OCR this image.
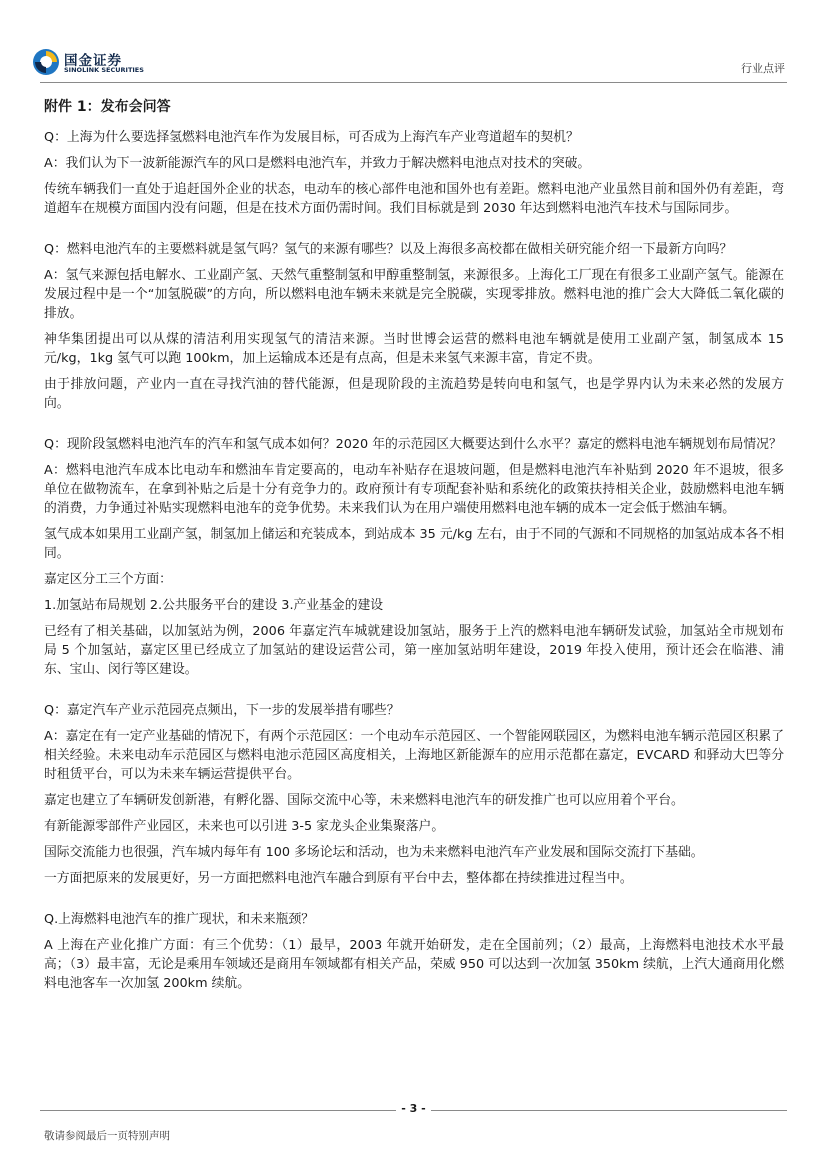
国金证券
SINOLINK SECURITIES	行业点评
附件 1：发布会问答

Q：上海为什么要选择氢燃料电池汽车作为发展目标，可否成为上海汽车产业弯道超车的契机？

A：我们认为下一波新能源汽车的风口是燃料电池汽车，并致力于解决燃料电池点对技术的突破。

传统车辆我们一直处于追赶国外企业的状态，电动车的核心部件电池和国外也有差距。燃料电池产业虽然目前和国外仍有差距，弯道超车在规模方面国内没有问题，但是在技术方面仍需时间。我们目标就是到 2030 年达到燃料电池汽车技术与国际同步。

Q：燃料电池汽车的主要燃料就是氢气吗？氢气的来源有哪些？以及上海很多高校都在做相关研究能介绍一下最新方向吗？

A：氢气来源包括电解水、工业副产氢、天然气重整制氢和甲醇重整制氢，来源很多。上海化工厂现在有很多工业副产氢气。能源在发展过程中是一个“加氢脱碳”的方向，所以燃料电池车辆未来就是完全脱碳，实现零排放。燃料电池的推广会大大降低二氧化碳的排放。

神华集团提出可以从煤的清洁利用实现氢气的清洁来源。当时世博会运营的燃料电池车辆就是使用工业副产氢，制氢成本 15 元/kg，1kg 氢气可以跑 100km，加上运输成本还是有点高，但是未来氢气来源丰富，肯定不贵。

由于排放问题，产业内一直在寻找汽油的替代能源，但是现阶段的主流趋势是转向电和氢气，也是学界内认为未来必然的发展方向。

Q：现阶段氢燃料电池汽车的汽车和氢气成本如何？2020 年的示范园区大概要达到什么水平？嘉定的燃料电池车辆规划布局情况？

A：燃料电池汽车成本比电动车和燃油车肯定要高的，电动车补贴存在退坡问题，但是燃料电池汽车补贴到 2020 年不退坡，很多单位在做物流车，在拿到补贴之后是十分有竞争力的。政府预计有专项配套补贴和系统化的政策扶持相关企业，鼓励燃料电池车辆的消费，力争通过补贴实现燃料电池车的竞争优势。未来我们认为在用户端使用燃料电池车辆的成本一定会低于燃油车辆。

氢气成本如果用工业副产氢，制氢加上储运和充装成本，到站成本 35 元/kg 左右，由于不同的气源和不同规格的加氢站成本各不相同。

嘉定区分工三个方面：

1.加氢站布局规划 2.公共服务平台的建设 3.产业基金的建设

已经有了相关基础，以加氢站为例，2006 年嘉定汽车城就建设加氢站，服务于上汽的燃料电池车辆研发试验，加氢站全市规划布局 5 个加氢站，嘉定区里已经成立了加氢站的建设运营公司，第一座加氢站明年建设，2019 年投入使用，预计还会在临港、浦东、宝山、闵行等区建设。

Q：嘉定汽车产业示范园亮点频出，下一步的发展举措有哪些？

A：嘉定在有一定产业基础的情况下，有两个示范园区：一个电动车示范园区、一个智能网联园区，为燃料电池车辆示范园区积累了相关经验。未来电动车示范园区与燃料电池示范园区高度相关，上海地区新能源车的应用示范都在嘉定，EVCARD 和驿动大巴等分时租赁平台，可以为未来车辆运营提供平台。

嘉定也建立了车辆研发创新港，有孵化器、国际交流中心等，未来燃料电池汽车的研发推广也可以应用着个平台。

有新能源零部件产业园区，未来也可以引进 3-5 家龙头企业集聚落户。

国际交流能力也很强，汽车城内每年有 100 多场论坛和活动，也为未来燃料电池汽车产业发展和国际交流打下基础。

一方面把原来的发展更好，另一方面把燃料电池汽车融合到原有平台中去，整体都在持续推进过程当中。

Q.上海燃料电池汽车的推广现状，和未来瓶颈？

A 上海在产业化推广方面：有三个优势：（1）最早，2003 年就开始研发，走在全国前列；（2）最高，上海燃料电池技术水平最高；（3）最丰富，无论是乘用车领域还是商用车领域都有相关产品，荣威 950 可以达到一次加氢 350km 续航，上汽大通商用化燃料电池客车一次加氢 200km 续航。

- 3 -
敬请参阅最后一页特别声明
